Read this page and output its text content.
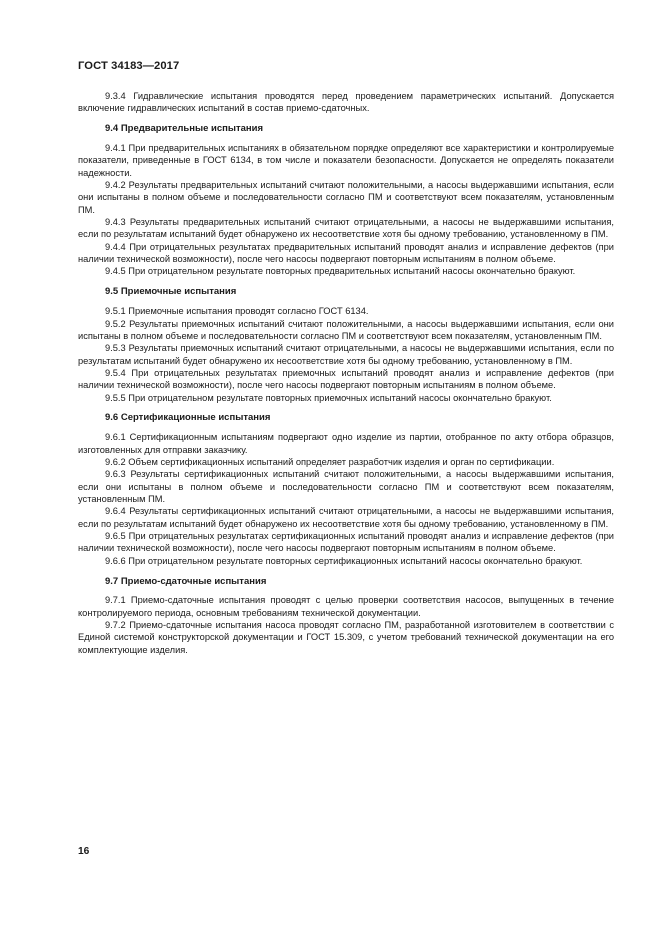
ГОСТ 34183—2017

9.3.4 Гидравлические испытания проводятся перед проведением параметрических испытаний. Допускается включение гидравлических испытаний в состав приемо-сдаточных.

9.4 Предварительные испытания

9.4.1 При предварительных испытаниях в обязательном порядке определяют все характеристики и контролируемые показатели, приведенные в ГОСТ 6134, в том числе и показатели безопасности. Допускается не определять показатели надежности.

9.4.2 Результаты предварительных испытаний считают положительными, а насосы выдержавшими испытания, если они испытаны в полном объеме и последовательности согласно ПМ и соответствуют всем показателям, установленным ПМ.

9.4.3 Результаты предварительных испытаний считают отрицательными, а насосы не выдержавшими испытания, если по результатам испытаний будет обнаружено их несоответствие хотя бы одному требованию, установленному в ПМ.

9.4.4 При отрицательных результатах предварительных испытаний проводят анализ и исправление дефектов (при наличии технической возможности), после чего насосы подвергают повторным испытаниям в полном объеме.

9.4.5 При отрицательном результате повторных предварительных испытаний насосы окончательно бракуют.

9.5 Приемочные испытания

9.5.1 Приемочные испытания проводят согласно ГОСТ 6134.

9.5.2 Результаты приемочных испытаний считают положительными, а насосы выдержавшими испытания, если они испытаны в полном объеме и последовательности согласно ПМ и соответствуют всем показателям, установленным ПМ.

9.5.3 Результаты приемочных испытаний считают отрицательными, а насосы не выдержавшими испытания, если по результатам испытаний будет обнаружено их несоответствие хотя бы одному требованию, установленному в ПМ.

9.5.4 При отрицательных результатах приемочных испытаний проводят анализ и исправление дефектов (при наличии технической возможности), после чего насосы подвергают повторным испытаниям в полном объеме.

9.5.5 При отрицательном результате повторных приемочных испытаний насосы окончательно бракуют.

9.6 Сертификационные испытания

9.6.1 Сертификационным испытаниям подвергают одно изделие из партии, отобранное по акту отбора образцов, изготовленных для отправки заказчику.

9.6.2 Объем сертификационных испытаний определяет разработчик изделия и орган по сертификации.

9.6.3 Результаты сертификационных испытаний считают положительными, а насосы выдержавшими испытания, если они испытаны в полном объеме и последовательности согласно ПМ и соответствуют всем показателям, установленным ПМ.

9.6.4 Результаты сертификационных испытаний считают отрицательными, а насосы не выдержавшими испытания, если по результатам испытаний будет обнаружено их несоответствие хотя бы одному требованию, установленному в ПМ.

9.6.5 При отрицательных результатах сертификационных испытаний проводят анализ и исправление дефектов (при наличии технической возможности), после чего насосы подвергают повторным испытаниям в полном объеме.

9.6.6 При отрицательном результате повторных сертификационных испытаний насосы окончательно бракуют.

9.7 Приемо-сдаточные испытания

9.7.1 Приемо-сдаточные испытания проводят с целью проверки соответствия насосов, выпущенных в течение контролируемого периода, основным требованиям технической документации.

9.7.2 Приемо-сдаточные испытания насоса проводят согласно ПМ, разработанной изготовителем в соответствии с Единой системой конструкторской документации и ГОСТ 15.309, с учетом требований технической документации на его комплектующие изделия.

16
